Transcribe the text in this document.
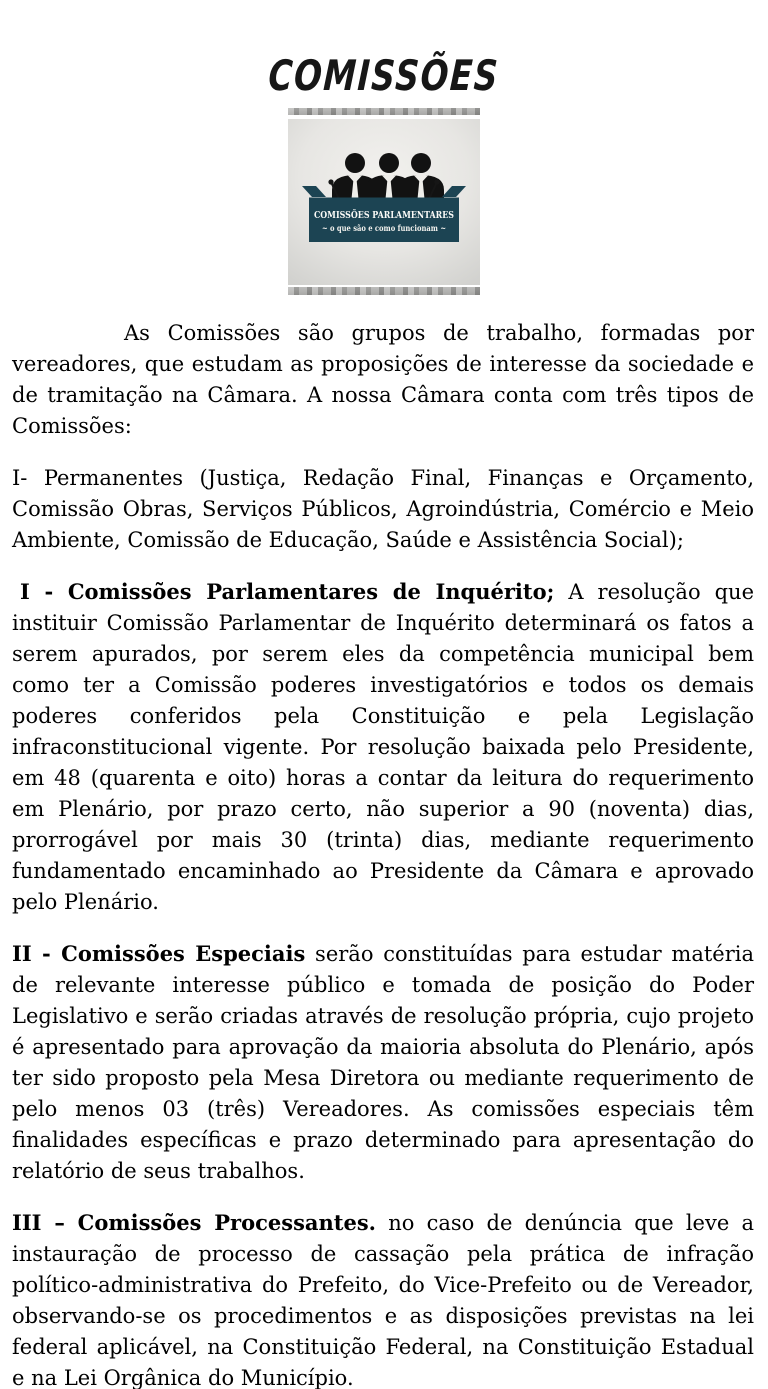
COMISSÕES
COMISSÕES PARLAMENTARES
~ o que são e como funcionam ~

As Comissões são grupos de trabalho, formadas por vereadores, que estudam as proposições de interesse da sociedade e de tramitação na Câmara. A nossa Câmara conta com três tipos de Comissões:

I- Permanentes (Justiça, Redação Final, Finanças e Orçamento, Comissão Obras, Serviços Públicos, Agroindústria, Comércio e Meio Ambiente, Comissão de Educação, Saúde e Assistência Social);

I - Comissões Parlamentares de Inquérito; A resolução que instituir Comissão Parlamentar de Inquérito determinará os fatos a serem apurados, por serem eles da competência municipal bem como ter a Comissão poderes investigatórios e todos os demais poderes conferidos pela Constituição e pela Legislação infraconstitucional vigente. Por resolução baixada pelo Presidente, em 48 (quarenta e oito) horas a contar da leitura do requerimento em Plenário, por prazo certo, não superior a 90 (noventa) dias, prorrogável por mais 30 (trinta) dias, mediante requerimento fundamentado encaminhado ao Presidente da Câmara e aprovado pelo Plenário.

II - Comissões Especiais serão constituídas para estudar matéria de relevante interesse público e tomada de posição do Poder Legislativo e serão criadas através de resolução própria, cujo projeto é apresentado para aprovação da maioria absoluta do Plenário, após ter sido proposto pela Mesa Diretora ou mediante requerimento de pelo menos 03 (três) Vereadores. As comissões especiais têm finalidades específicas e prazo determinado para apresentação do relatório de seus trabalhos.

III – Comissões Processantes. no caso de denúncia que leve a instauração de processo de cassação pela prática de infração político-administrativa do Prefeito, do Vice-Prefeito ou de Vereador, observando-se os procedimentos e as disposições previstas na lei federal aplicável, na Constituição Federal, na Constituição Estadual e na Lei Orgânica do Município.
